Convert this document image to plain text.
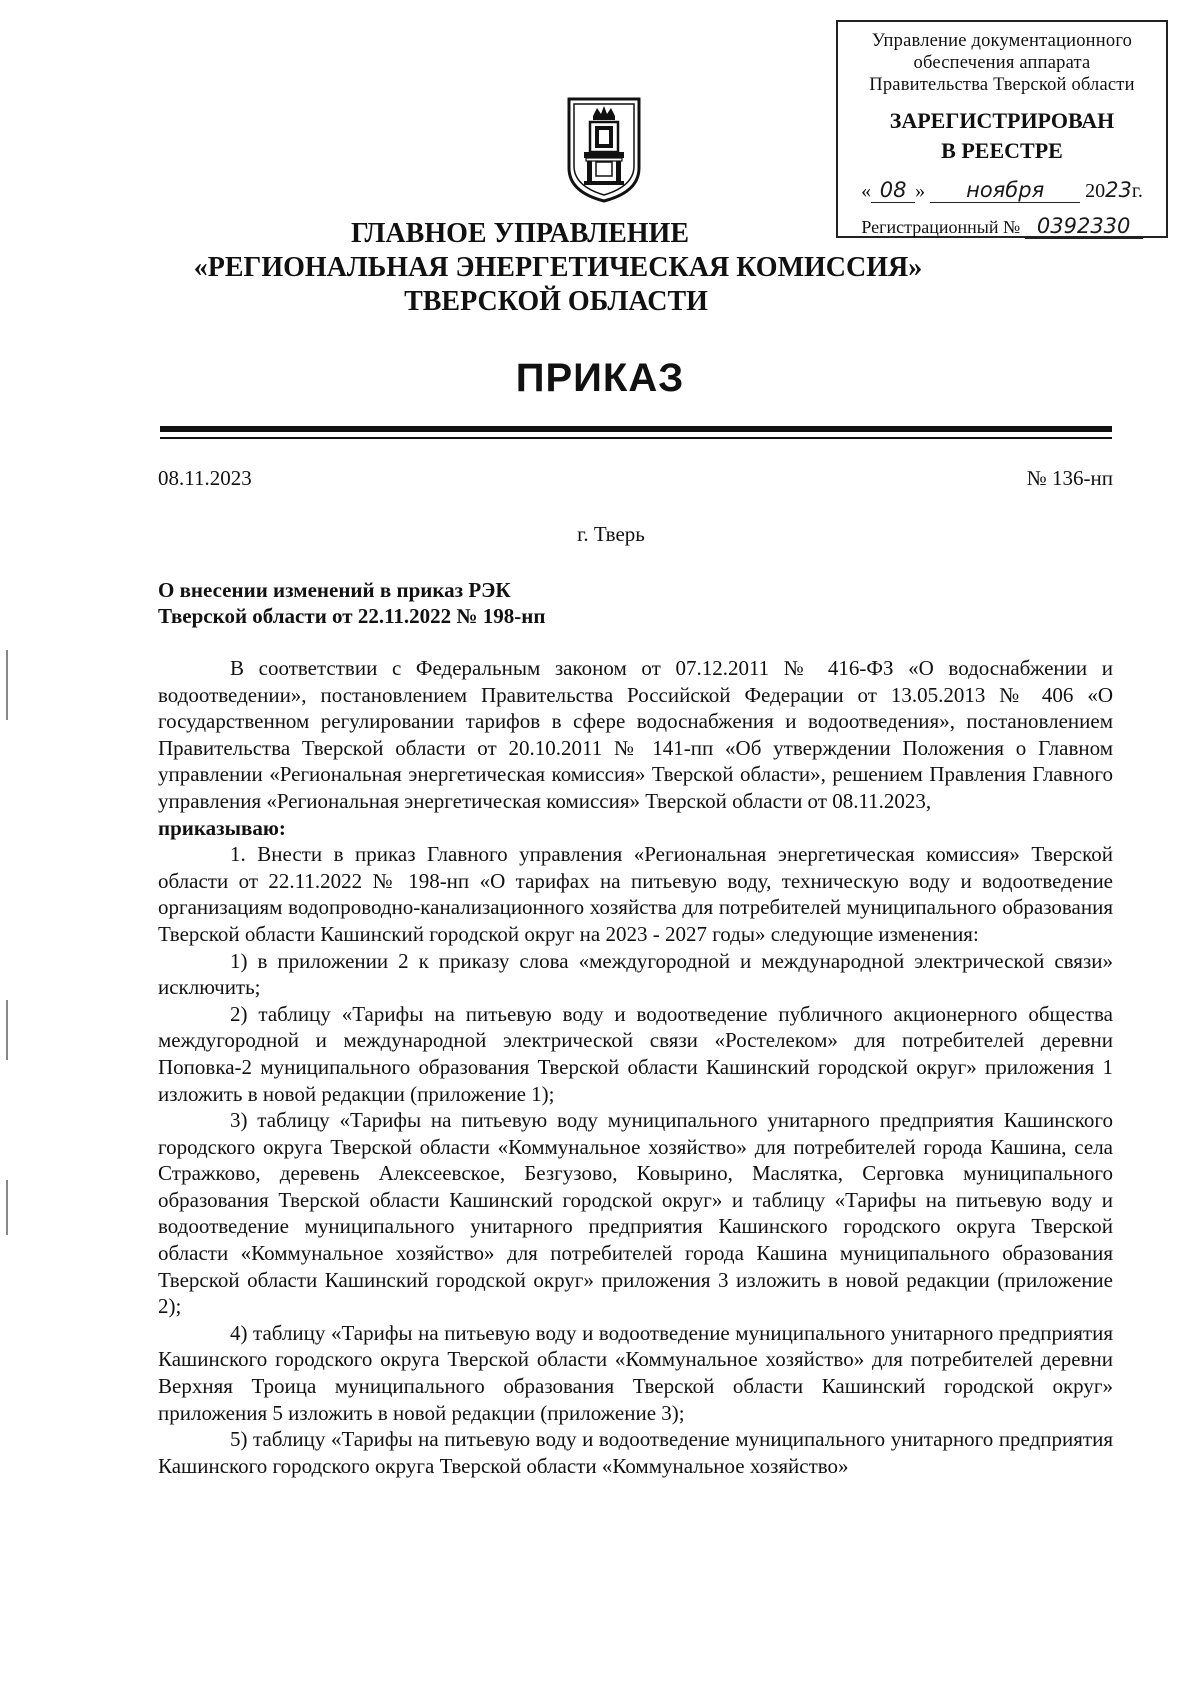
Управление документационного
обеспечения аппарата
Правительства Тверской области
ЗАРЕГИСТРИРОВАН
В РЕЕСТРЕ
« 08 » ноября 2023г.
Регистрационный № 0392330
ГЛАВНОЕ УПРАВЛЕНИЕ
«РЕГИОНАЛЬНАЯ ЭНЕРГЕТИЧЕСКАЯ КОМИССИЯ»
ТВЕРСКОЙ ОБЛАСТИ
ПРИКАЗ
08.11.2023	№ 136-нп
г. Тверь
О внесении изменений в приказ РЭК
Тверской области от 22.11.2022 № 198-нп

В соответствии с Федеральным законом от 07.12.2011 № 416-ФЗ «О водоснабжении и водоотведении», постановлением Правительства Российской Федерации от 13.05.2013 № 406 «О государственном регулировании тарифов в сфере водоснабжения и водоотведения», постановлением Правительства Тверской области от 20.10.2011 № 141-пп «Об утверждении Положения о Главном управлении «Региональная энергетическая комиссия» Тверской области», решением Правления Главного управления «Региональная энергетическая комиссия» Тверской области от 08.11.2023,

приказываю:

1. Внести в приказ Главного управления «Региональная энергетическая комиссия» Тверской области от 22.11.2022 № 198-нп «О тарифах на питьевую воду, техническую воду и водоотведение организациям водопроводно-канализационного хозяйства для потребителей муниципального образования Тверской области Кашинский городской округ на 2023 - 2027 годы» следующие изменения:

1) в приложении 2 к приказу слова «междугородной и международной электрической связи» исключить;

2) таблицу «Тарифы на питьевую воду и водоотведение публичного акционерного общества междугородной и международной электрической связи «Ростелеком» для потребителей деревни Поповка-2 муниципального образования Тверской области Кашинский городской округ» приложения 1 изложить в новой редакции (приложение 1);

3) таблицу «Тарифы на питьевую воду муниципального унитарного предприятия Кашинского городского округа Тверской области «Коммунальное хозяйство» для потребителей города Кашина, села Стражково, деревень Алексеевское, Безгузово, Ковырино, Маслятка, Серговка муниципального образования Тверской области Кашинский городской округ» и таблицу «Тарифы на питьевую воду и водоотведение муниципального унитарного предприятия Кашинского городского округа Тверской области «Коммунальное хозяйство» для потребителей города Кашина муниципального образования Тверской области Кашинский городской округ» приложения 3 изложить в новой редакции (приложение 2);

4) таблицу «Тарифы на питьевую воду и водоотведение муниципального унитарного предприятия Кашинского городского округа Тверской области «Коммунальное хозяйство» для потребителей деревни Верхняя Троица муниципального образования Тверской области Кашинский городской округ» приложения 5 изложить в новой редакции (приложение 3);

5) таблицу «Тарифы на питьевую воду и водоотведение муниципального унитарного предприятия Кашинского городского округа Тверской области «Коммунальное хозяйство»
